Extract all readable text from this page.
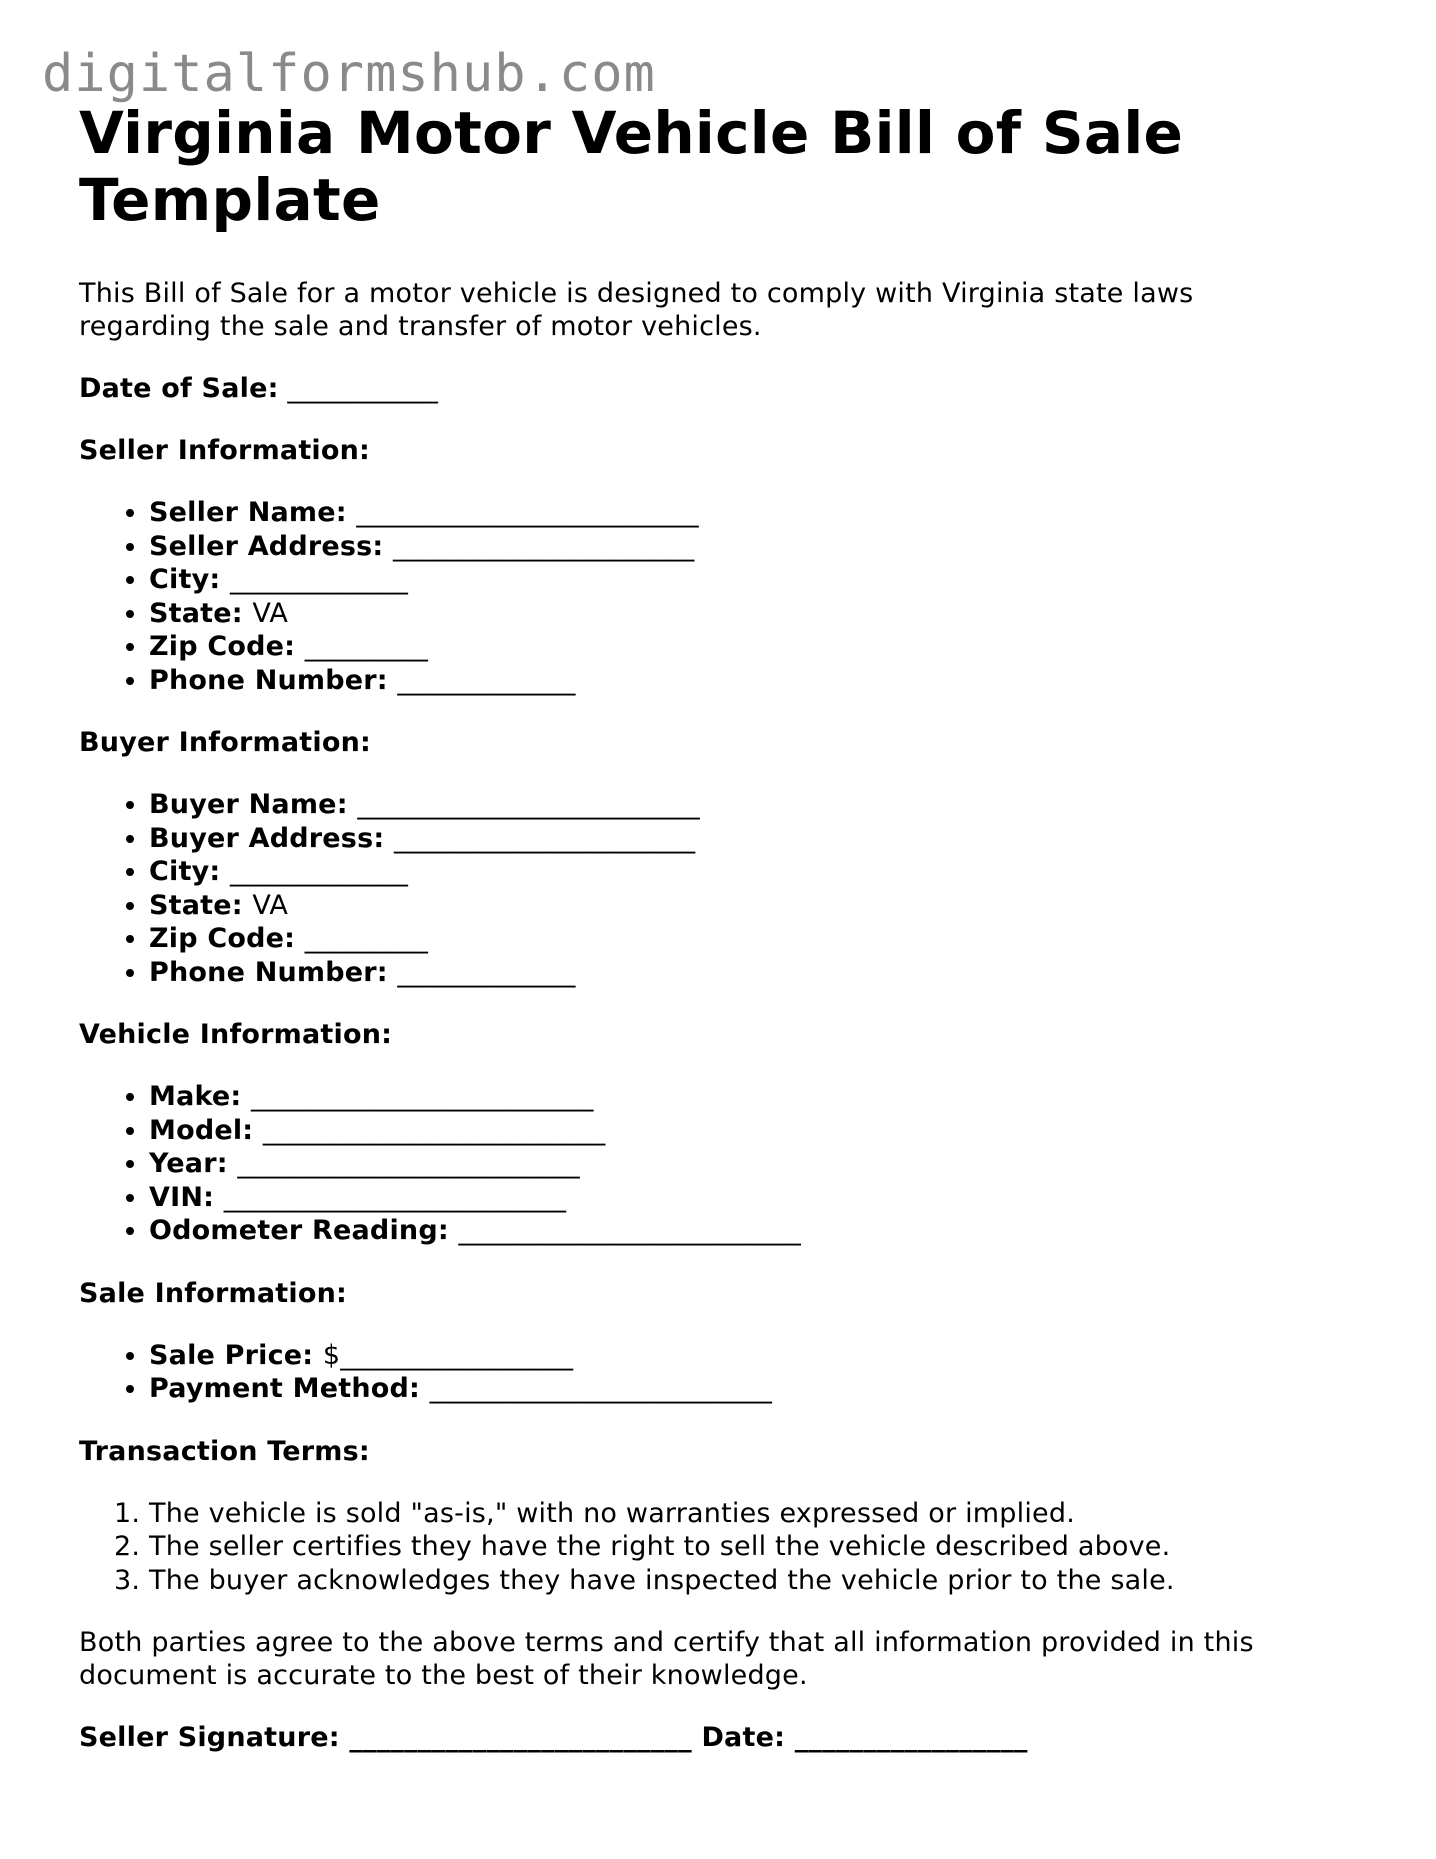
digitalformshub.com
Virginia Motor Vehicle Bill of Sale Template

This Bill of Sale for a motor vehicle is designed to comply with Virginia state laws regarding the sale and transfer of motor vehicles.

Date of Sale: ___________

Seller Information:

• Seller Name: _________________________
• Seller Address: ______________________
• City: _____________
• State: VA
• Zip Code: _________
• Phone Number: _____________

Buyer Information:

• Buyer Name: _________________________
• Buyer Address: ______________________
• City: _____________
• State: VA
• Zip Code: _________
• Phone Number: _____________

Vehicle Information:

• Make: _________________________
• Model: _________________________
• Year: _________________________
• VIN: _________________________
• Odometer Reading: _________________________

Sale Information:

• Sale Price: $_________________
• Payment Method: _________________________

Transaction Terms:

1. The vehicle is sold "as-is," with no warranties expressed or implied.
2. The seller certifies they have the right to sell the vehicle described above.
3. The buyer acknowledges they have inspected the vehicle prior to the sale.

Both parties agree to the above terms and certify that all information provided in this document is accurate to the best of their knowledge.

Seller Signature: _________________________ Date: _________________
